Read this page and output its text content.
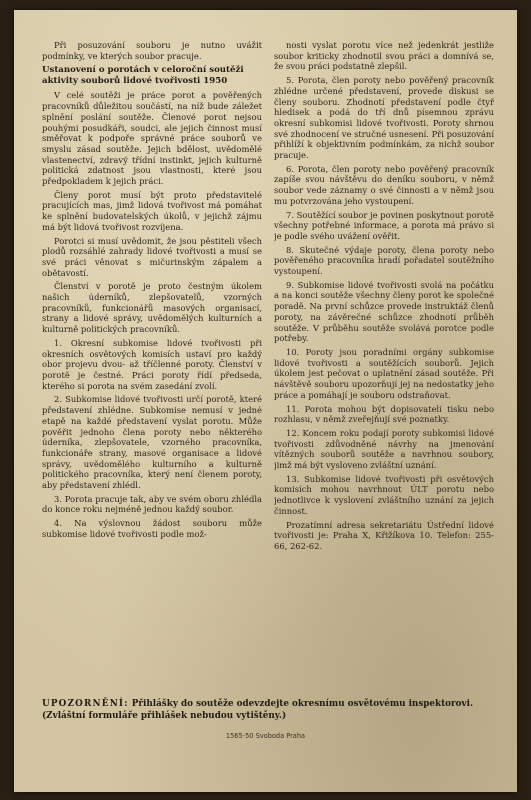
Při posuzování souboru je nutno uvážit podmínky, ve kterých soubor pracuje.

Ustanovení o porotách v celoroční soutěži aktivity souborů lidové tvořivosti 1950

V celé soutěži je práce porot a pověřených pracovníků důležitou součástí, na níž bude záležet splnění poslání soutěže. Členové porot nejsou pouhými posudkáři, soudci, ale jejich činnost musí směřovat k podpoře správné práce souborů ve smyslu zásad soutěže. Jejich bdělost, uvědomělé vlastenectví, zdravý třídní instinkt, jejich kulturně politická zdatnost jsou vlastnosti, které jsou předpokladem k jejich práci.

Členy porot musí být proto představitelé pracujících mas, jimž lidová tvořivost má pomáhat ke splnění budovatelských úkolů, v jejichž zájmu má být lidová tvořivost rozvíjena.

Porotci si musí uvědomit, že jsou pěstiteli všech plodů rozsáhlé zahrady lidové tvořivosti a musí se své práci věnovat s mičurinským zápalem a obětavostí.

Členství v porotě je proto čestným úkolem našich úderníků, zlepšovatelů, vzorných pracovníků, funkcionářů masových organisací, strany a lidové správy, uvědomělých kulturních a kulturně politických pracovníků.

1. Okresní subkomise lidové tvořivosti při okresních osvětových komisích ustaví pro každý obor projevu dvou- až tříčlenné poroty. Členství v porotě je čestné. Práci poroty řídí předseda, kterého si porota na svém zasedání zvolí.

2. Subkomise lidové tvořivosti určí porotě, které představení zhlédne. Subkomise nemusí v jedné etapě na každé představení vyslat porotu. Může pověřit jednoho člena poroty nebo některého úderníka, zlepšovatele, vzorného pracovníka, funkcionáře strany, masové organisace a lidové správy, uvědomělého kulturního a kulturně politického pracovníka, který není členem poroty, aby představení zhlédl.

3. Porota pracuje tak, aby ve svém oboru zhlédla do konce roku nejméně jednou každý soubor.

4. Na výslovnou žádost souboru může subkomise lidové tvořivosti podle mož-

nosti vyslat porotu více než jedenkrát jestliže soubor kriticky zhodnotil svou práci a domnívá se, že svou práci podstatně zlepšil.

5. Porota, člen poroty nebo pověřený pracovník zhlédne určené představení, provede diskusi se členy souboru. Zhodnotí představení podle čtyř hledisek a podá do tří dnů písemnou zprávu okresní subkomisi lidové tvořivosti. Poroty shrnou své zhodnocení ve stručné usnesení. Při posuzování přihlíží k objektivním podmínkám, za nichž soubor pracuje.

6. Porota, člen poroty nebo pověřený pracovník zapíše svou návštěvu do deníku souboru, v němž soubor vede záznamy o své činnosti a v němž jsou mu potvrzována jeho vystoupení.

7. Soutěžící soubor je povinen poskytnout porotě všechny potřebné informace, a porota má právo si je podle svého uvážení ověřit.

8. Skutečné výdaje poroty, člena poroty nebo pověřeného pracovníka hradí pořadatel soutěžního vystoupení.

9. Subkomise lidové tvořivosti svolá na počátku a na konci soutěže všechny členy porot ke společné poradě. Na první schůzce provede instruktáž členů poroty, na závěrečné schůzce zhodnotí průběh soutěže. V průběhu soutěže svolává porotce podle potřeby.

10. Poroty jsou poradními orgány subkomise lidové tvořivosti a soutěžících souborů. Jejich úkolem jest pečovat o uplatnění zásad soutěže. Při návštěvě souboru upozorňují jej na nedostatky jeho práce a pomáhají je souboru odstraňovat.

11. Porota mohou být dopisovateli tisku nebo rozhlasu, v němž zveřejňují své poznatky.

12. Koncem roku podají poroty subkomisi lidové tvořivosti zdůvodněné návrhy na jmenování vítězných souborů soutěže a navrhnou soubory, jimž má být vysloveno zvláštní uznání.

13. Subkomise lidové tvořivosti při osvětových komisích mohou navrhnout ÚLT porotu nebo jednotlivce k vyslovení zvláštního uznání za jejich činnost.

Prozatímní adresa sekretariátu Ústřední lidové tvořivosti je: Praha X, Křižíkova 10. Telefon: 255-66, 262-62.

UPOZORNĚNÍ: Přihlášky do soutěže odevzdejte okresnímu osvětovému inspektorovi. (Zvláštní formuláře přihlášek nebudou vytištěny.)
1565-50 Svoboda Praha
